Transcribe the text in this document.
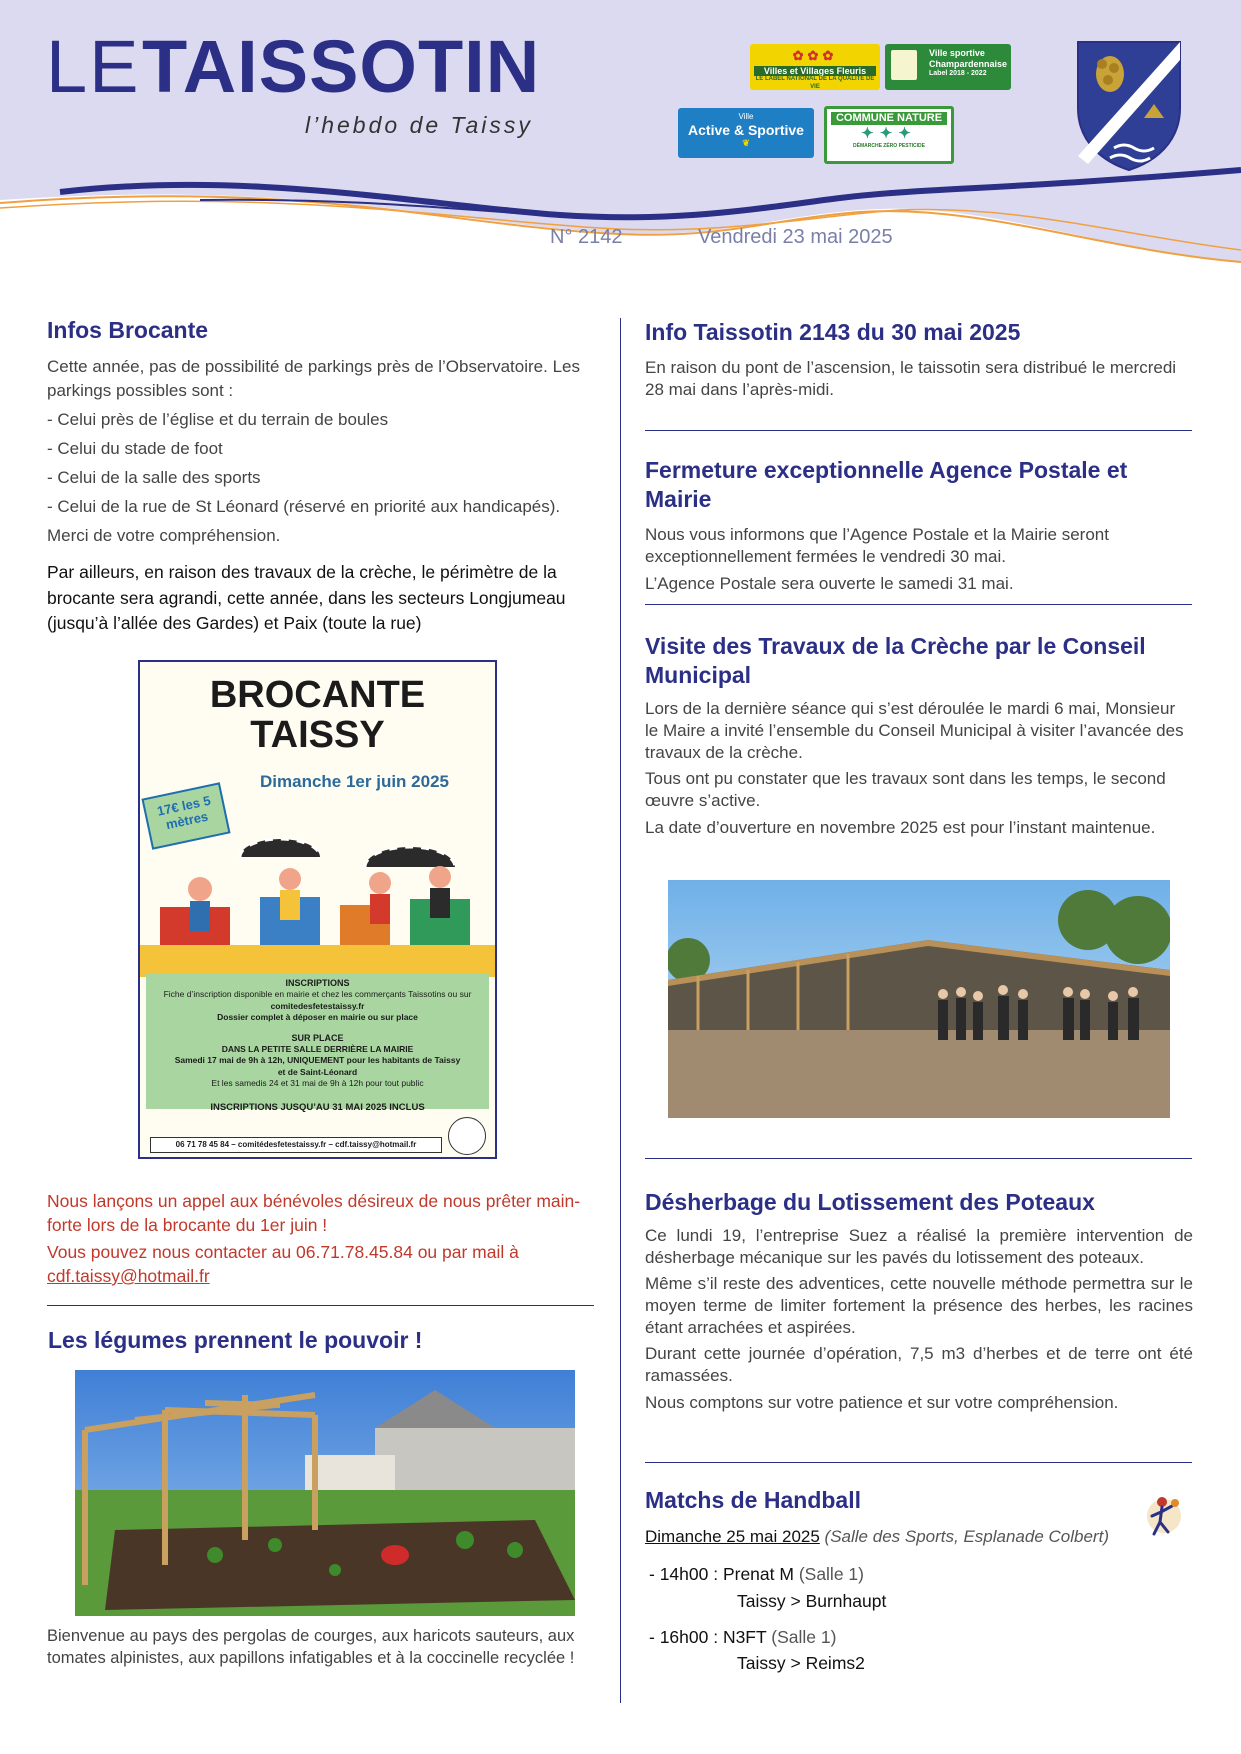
LE TAISSOTIN
l’hebdo de Taissy
N° 2142	Vendredi 23 mai 2025
✿✿✿
Villes et Villages Fleuris
LE LABEL NATIONAL DE LA QUALITÉ DE VIE
Ville sportive Champardennaise
Label 2018 - 2022
Ville
Active & Sportive
❦
COMMUNE NATURE
✦✦✦
DÉMARCHE ZÉRO PESTICIDE
Infos Brocante

Cette année, pas de possibilité de parkings près de l’Observatoire. Les parkings possibles sont :

- Celui près de l’église et du terrain de boules
- Celui du stade de foot
- Celui de la salle des sports
- Celui de la rue de St Léonard (réservé en priorité aux handicapés).
Merci de votre compréhension.

Par ailleurs, en raison des travaux de la crèche, le périmètre de la brocante sera agrandi, cette année, dans les secteurs Longjumeau (jusqu’à l’allée des Gardes) et Paix (toute la rue)

BROCANTE
TAISSY
Dimanche 1er juin 2025
17€ les 5 mètres
INSCRIPTIONS
Fiche d’inscription disponible en mairie et chez les commerçants Taissotins ou sur
comitedesfetestaissy.fr
Dossier complet à déposer en mairie ou sur place
SUR PLACE
DANS LA PETITE SALLE DERRIÈRE LA MAIRIE
Samedi 17 mai de 9h à 12h, UNIQUEMENT pour les habitants de Taissy
et de Saint-Léonard
Et les samedis 24 et 31 mai de 9h à 12h pour tout public
INSCRIPTIONS JUSQU’AU 31 MAI 2025 INCLUS
06 71 78 45 84 – comitédesfetestaissy.fr – cdf.taissy@hotmail.fr

Nous lançons un appel aux bénévoles désireux de nous prêter main-forte lors de la brocante du 1er juin !

Vous pouvez nous contacter au 06.71.78.45.84 ou par mail à cdf.taissy@hotmail.fr

Les légumes prennent le pouvoir !

Bienvenue au pays des pergolas de courges, aux haricots sauteurs, aux tomates alpinistes, aux papillons infatigables et à la coccinelle recyclée !

Info Taissotin 2143 du 30 mai 2025

En raison du pont de l’ascension, le taissotin sera distribué le mercredi 28 mai dans l’après-midi.

Fermeture exceptionnelle Agence Postale et Mairie

Nous vous informons que l’Agence Postale et la Mairie seront exceptionnellement fermées le vendredi 30 mai.

L’Agence Postale sera ouverte le samedi 31 mai.

Visite des Travaux de la Crèche par le Conseil Municipal

Lors de la dernière séance qui s’est déroulée le mardi 6 mai, Monsieur le Maire a invité l’ensemble du Conseil Municipal à visiter l’avancée des travaux de la crèche.

Tous ont pu constater que les travaux sont dans les temps, le second œuvre s’active.

La date d’ouverture en novembre 2025 est pour l’instant maintenue.

Désherbage du Lotissement des Poteaux

Ce lundi 19, l’entreprise Suez a réalisé la première intervention de désherbage mécanique sur les pavés du lotissement des poteaux.

Même s’il reste des adventices, cette nouvelle méthode permettra sur le moyen terme de limiter fortement la présence des herbes, les racines étant arrachées et aspirées.

Durant cette journée d’opération, 7,5 m3 d’herbes et de terre ont été ramassées.

Nous comptons sur votre patience et sur votre compréhension.

Matchs de Handball

Dimanche 25 mai 2025 (Salle des Sports, Esplanade Colbert)

- 14h00 : Prenat M (Salle 1)
Taissy > Burnhaupt
- 16h00 : N3FT (Salle 1)
Taissy > Reims2
